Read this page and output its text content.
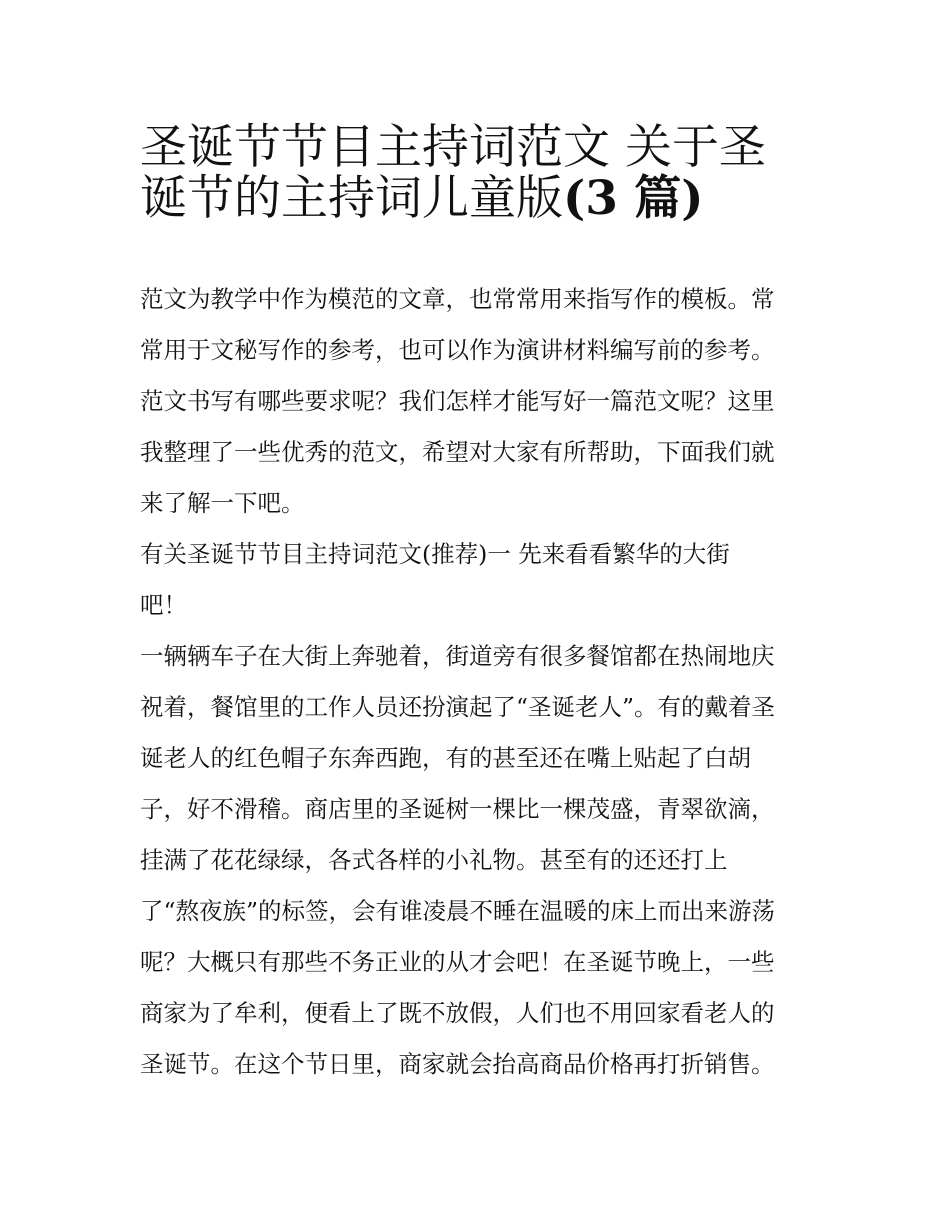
圣诞节节目主持词范文 关于圣
诞节的主持词儿童版(3 篇)
范文为教学中作为模范的文章，也常常用来指写作的模板。常
常用于文秘写作的参考，也可以作为演讲材料编写前的参考。
范文书写有哪些要求呢？我们怎样才能写好一篇范文呢？这里
我整理了一些优秀的范文，希望对大家有所帮助，下面我们就
来了解一下吧。
有关圣诞节节目主持词范文(推荐)一 先来看看繁华的大街
吧！
一辆辆车子在大街上奔驰着，街道旁有很多餐馆都在热闹地庆
祝着，餐馆里的工作人员还扮演起了“圣诞老人”。有的戴着圣
诞老人的红色帽子东奔西跑，有的甚至还在嘴上贴起了白胡
子，好不滑稽。商店里的圣诞树一棵比一棵茂盛，青翠欲滴，
挂满了花花绿绿，各式各样的小礼物。甚至有的还还打上
了“熬夜族”的标签，会有谁凌晨不睡在温暖的床上而出来游荡
呢？大概只有那些不务正业的从才会吧！在圣诞节晚上，一些
商家为了牟利，便看上了既不放假，人们也不用回家看老人的
圣诞节。在这个节日里，商家就会抬高商品价格再打折销售。
